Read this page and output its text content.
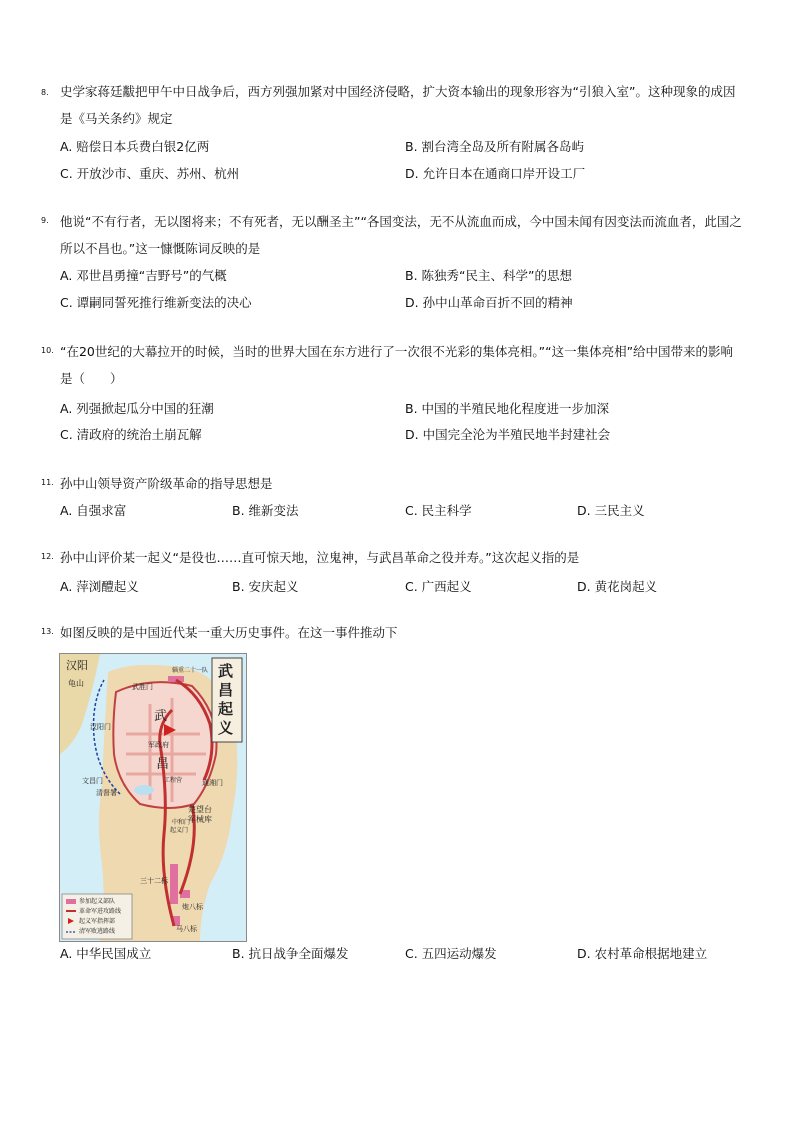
8. 史学家蒋廷黻把甲午中日战争后，西方列强加紧对中国经济侵略，扩大资本输出的现象形容为“引狼入室”。这种现象的成因
是《马关条约》规定
A. 赔偿日本兵费白银2亿两	B. 割台湾全岛及所有附属各岛屿
C. 开放沙市、重庆、苏州、杭州	D. 允许日本在通商口岸开设工厂
9. 他说“不有行者，无以图将来；不有死者，无以酬圣主”“各国变法，无不从流血而成，今中国未闻有因变法而流血者，此国之
所以不昌也。”这一慷慨陈词反映的是
A. 邓世昌勇撞“吉野号”的气概	B. 陈独秀“民主、科学”的思想
C. 谭嗣同誓死推行维新变法的决心	D. 孙中山革命百折不回的精神
10. “在20世纪的大幕拉开的时候，当时的世界大国在东方进行了一次很不光彩的集体亮相。”“这一集体亮相”给中国带来的影响
是（　　）
A. 列强掀起瓜分中国的狂潮	B. 中国的半殖民地化程度进一步加深
C. 清政府的统治土崩瓦解	D. 中国完全沦为半殖民地半封建社会
11. 孙中山领导资产阶级革命的指导思想是
A. 自强求富	B. 维新变法	C. 民主科学	D. 三民主义
12. 孙中山评价某一起义“是役也……直可惊天地，泣鬼神，与武昌革命之役并寿。”这次起义指的是
A. 萍浏醴起义	B. 安庆起义	C. 广西起义	D. 黄花岗起义
13. 如图反映的是中国近代某一重大历史事件。在这一事件推动下
A. 中华民国成立	B. 抗日战争全面爆发	C. 五四运动爆发	D. 农村革命根据地建立
汉阳
龟山
辎重二十一队
武胜门
武
汉阳门
军政府
昌
文昌门	工程营	通湘门
清督署
楚望台
军械库
中和门
起义门
三十二标
炮八标
马八标
武昌起义
参加起义部队
革命军进攻路线
起义军指挥部
清军败逃路线
